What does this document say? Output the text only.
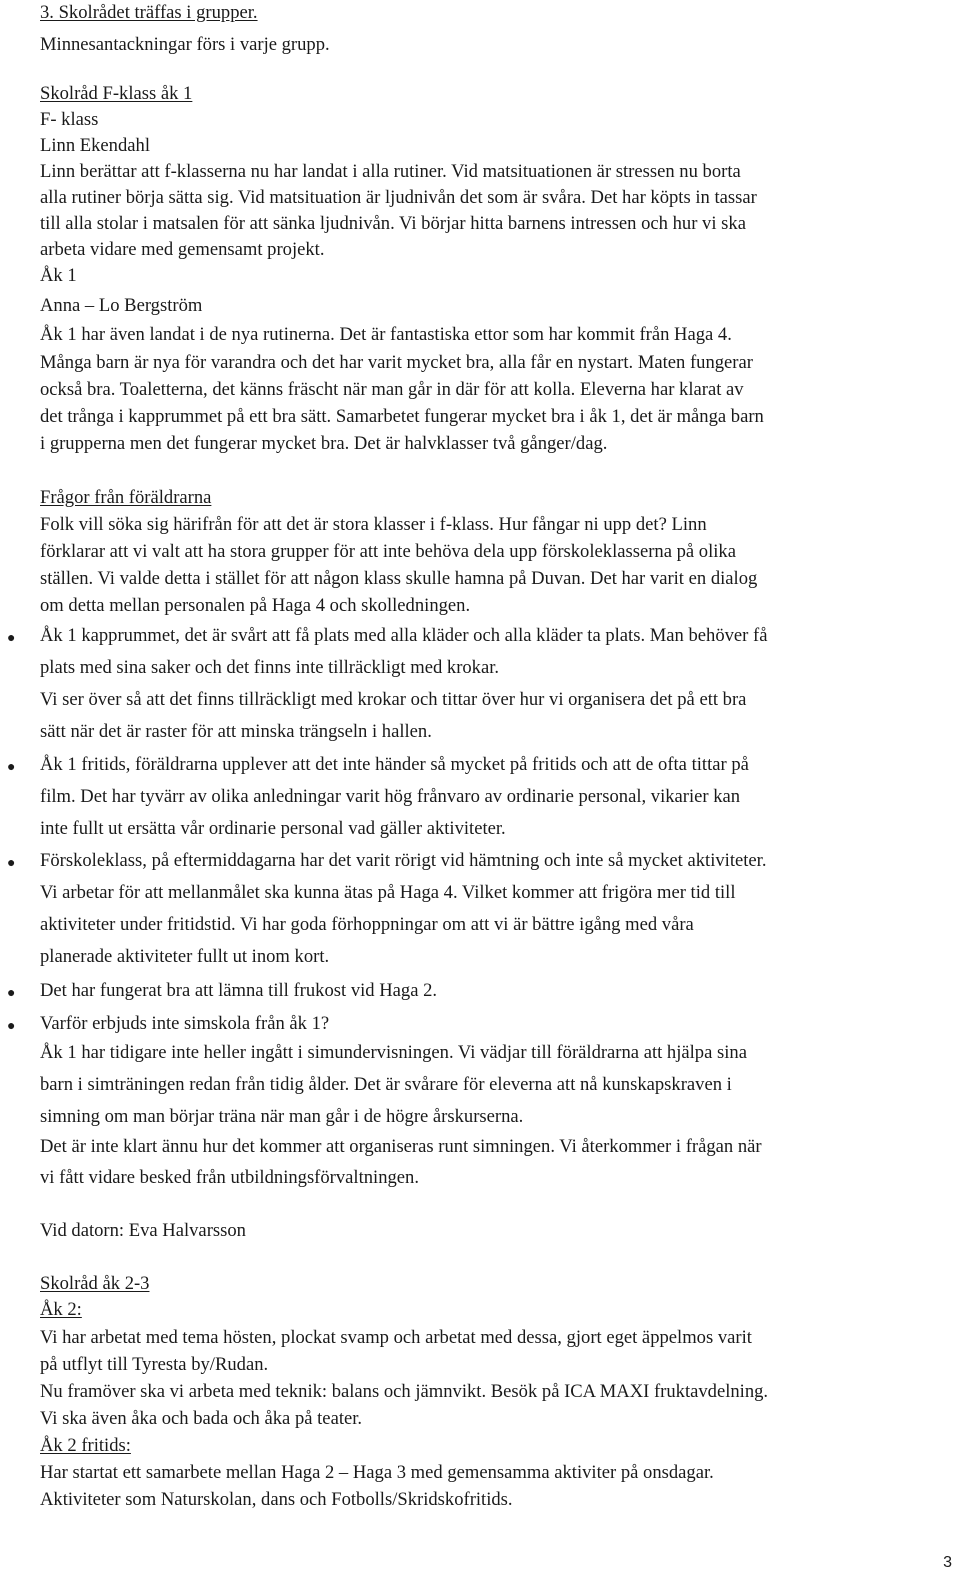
3. Skolrådet träffas i grupper.
Minnesantackningar förs i varje grupp.
Skolråd F-klass åk 1
F- klass
Linn Ekendahl
Linn berättar att f-klasserna nu har landat i alla rutiner. Vid matsituationen är stressen nu borta
alla rutiner börja sätta sig. Vid matsituation är ljudnivån det som är svåra. Det har köpts in tassar
till alla stolar i matsalen för att sänka ljudnivån. Vi börjar hitta barnens intressen och hur vi ska
arbeta vidare med gemensamt projekt.
Åk 1
Anna – Lo Bergström
Åk 1 har även landat i de nya rutinerna. Det är fantastiska ettor som har kommit från Haga 4.
Många barn är nya för varandra och det har varit mycket bra, alla får en nystart. Maten fungerar
också bra. Toaletterna, det känns fräscht när man går in där för att kolla. Eleverna har klarat av
det trånga i kapprummet på ett bra sätt. Samarbetet fungerar mycket bra i åk 1, det är många barn
i grupperna men det fungerar mycket bra. Det är halvklasser två gånger/dag.
Frågor från föräldrarna
Folk vill söka sig härifrån för att det är stora klasser i f-klass. Hur fångar ni upp det? Linn
förklarar att vi valt att ha stora grupper för att inte behöva dela upp förskoleklasserna på olika
ställen. Vi valde detta i stället för att någon klass skulle hamna på Duvan. Det har varit en dialog
om detta mellan personalen på Haga 4 och skolledningen.
● Åk 1 kapprummet, det är svårt att få plats med alla kläder och alla kläder ta plats. Man behöver få
plats med sina saker och det finns inte tillräckligt med krokar.
Vi ser över så att det finns tillräckligt med krokar och tittar över hur vi organisera det på ett bra
sätt när det är raster för att minska trängseln i hallen.
● Åk 1 fritids, föräldrarna upplever att det inte händer så mycket på fritids och att de ofta tittar på
film. Det har tyvärr av olika anledningar varit hög frånvaro av ordinarie personal, vikarier kan
inte fullt ut ersätta vår ordinarie personal vad gäller aktiviteter.
● Förskoleklass, på eftermiddagarna har det varit rörigt vid hämtning och inte så mycket aktiviteter.
Vi arbetar för att mellanmålet ska kunna ätas på Haga 4. Vilket kommer att frigöra mer tid till
aktiviteter under fritidstid. Vi har goda förhoppningar om att vi är bättre igång med våra
planerade aktiviteter fullt ut inom kort.
● Det har fungerat bra att lämna till frukost vid Haga 2.
● Varför erbjuds inte simskola från åk 1?
Åk 1 har tidigare inte heller ingått i simundervisningen. Vi vädjar till föräldrarna att hjälpa sina
barn i simträningen redan från tidig ålder. Det är svårare för eleverna att nå kunskapskraven i
simning om man börjar träna när man går i de högre årskurserna.
Det är inte klart ännu hur det kommer att organiseras runt simningen. Vi återkommer i frågan när
vi fått vidare besked från utbildningsförvaltningen.
Vid datorn: Eva Halvarsson
Skolråd åk 2-3
Åk 2:
Vi har arbetat med tema hösten, plockat svamp och arbetat med dessa, gjort eget äppelmos varit
på utflyt till Tyresta by/Rudan.
Nu framöver ska vi arbeta med teknik: balans och jämnvikt. Besök på ICA MAXI fruktavdelning.
Vi ska även åka och bada och åka på teater.
Åk 2 fritids:
Har startat ett samarbete mellan Haga 2 – Haga 3 med gemensamma aktiviter på onsdagar.
Aktiviteter som Naturskolan, dans och Fotbolls/Skridskofritids.
3
